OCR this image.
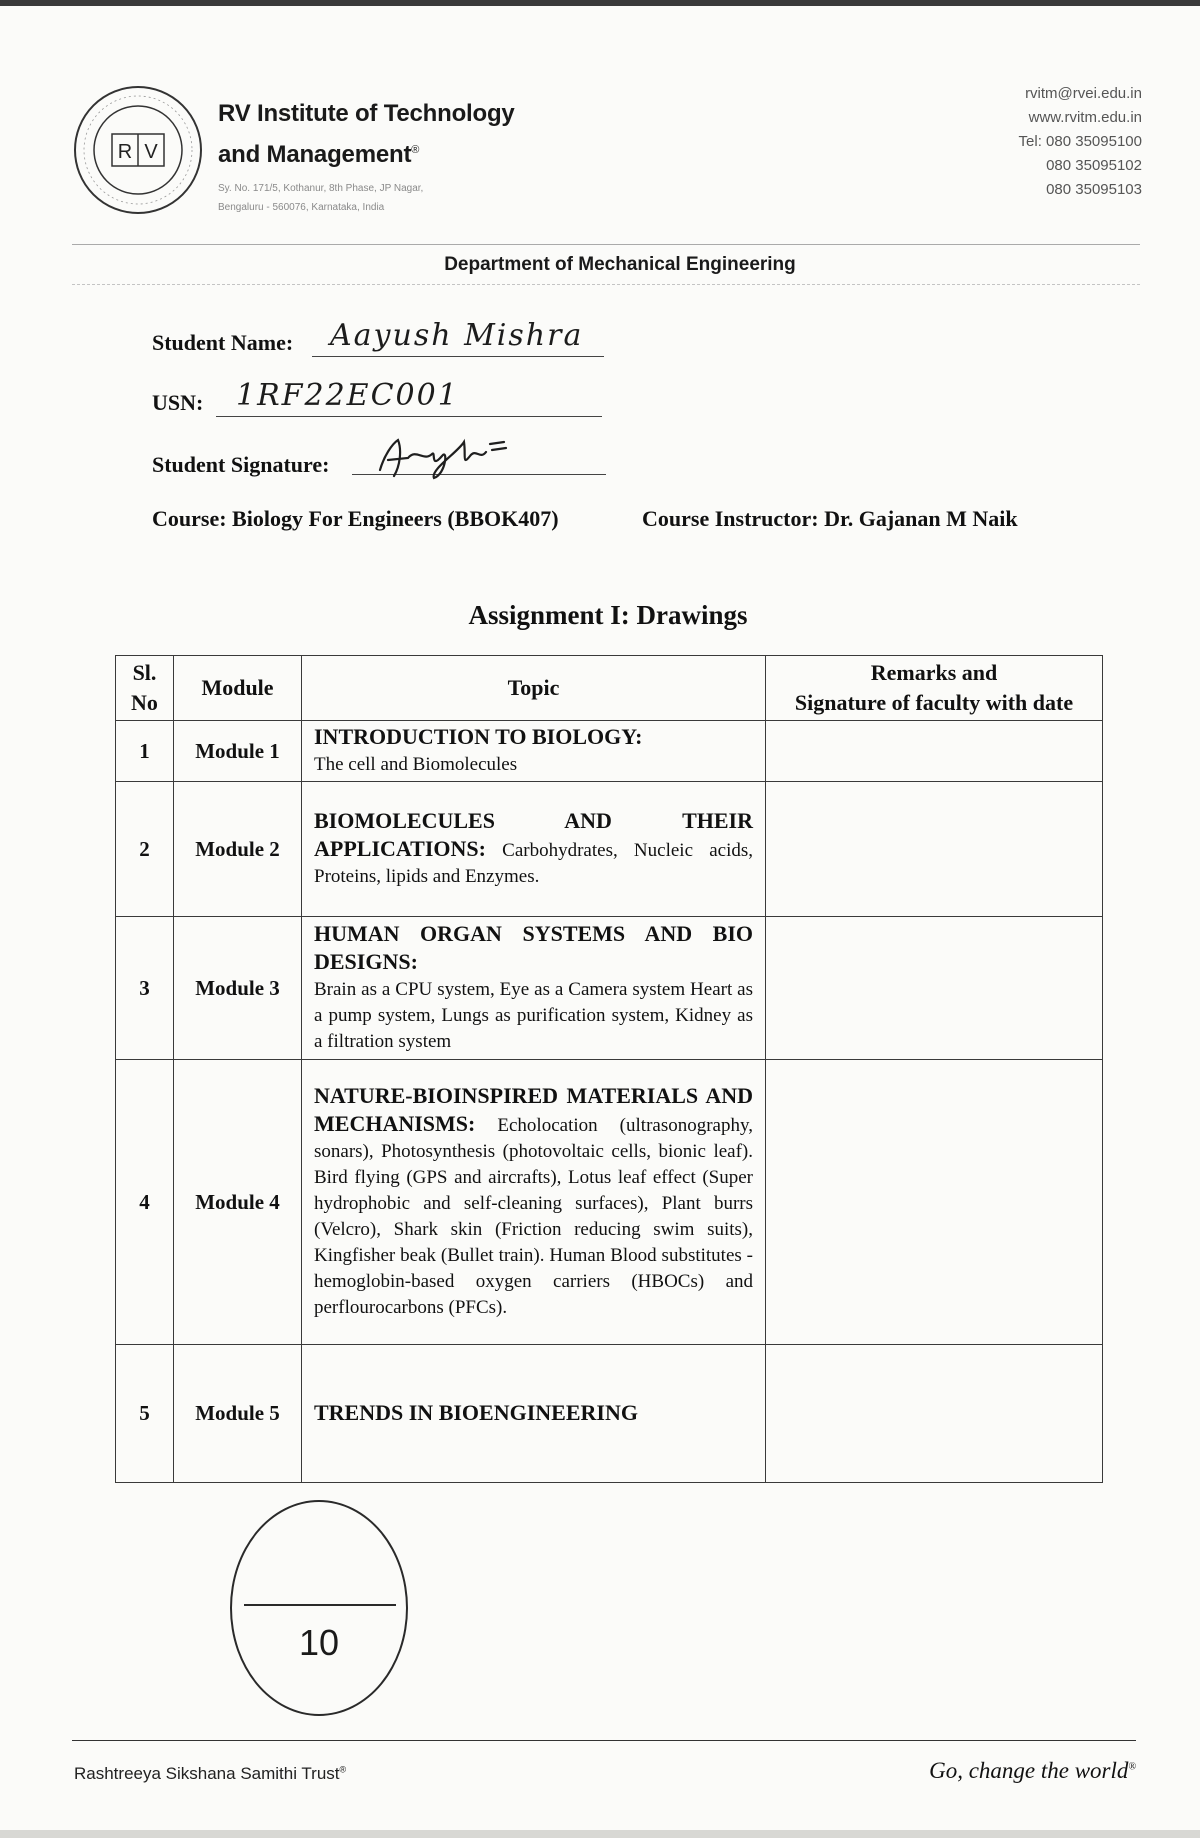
R V
RV Institute of Technology
and Management®
Sy. No. 171/5, Kothanur, 8th Phase, JP Nagar,
Bengaluru - 560076, Karnataka, India
rvitm@rvei.edu.in
www.rvitm.edu.in
Tel: 080 35095100
080 35095102
080 35095103
Department of Mechanical Engineering
Student Name: Aayush Mishra
USN: 1RF22EC001
Student Signature:
Course: Biology For Engineers (BBOK407)	Course Instructor: Dr. Gajanan M Naik
Assignment I: Drawings
Sl.
No	Module	Topic	Remarks and
Signature of faculty with date
1	Module 1	INTRODUCTION TO BIOLOGY:
The cell and Biomolecules	
2	Module 2	BIOMOLECULES AND THEIR APPLICATIONS: Carbohydrates, Nucleic acids, Proteins, lipids and Enzymes.	
3	Module 3	HUMAN ORGAN SYSTEMS AND BIO DESIGNS:
Brain as a CPU system, Eye as a Camera system Heart as a pump system, Lungs as purification system, Kidney as a filtration system	
4	Module 4	NATURE-BIOINSPIRED MATERIALS AND MECHANISMS: Echolocation (ultrasonography, sonars), Photosynthesis (photovoltaic cells, bionic leaf). Bird flying (GPS and aircrafts), Lotus leaf effect (Super hydrophobic and self-cleaning surfaces), Plant burrs (Velcro), Shark skin (Friction reducing swim suits), Kingfisher beak (Bullet train). Human Blood substitutes - hemoglobin-based oxygen carriers (HBOCs) and perflourocarbons (PFCs).	
5	Module 5	TRENDS IN BIOENGINEERING	
10
Rashtreeya Sikshana Samithi Trust®	Go, change the world®
